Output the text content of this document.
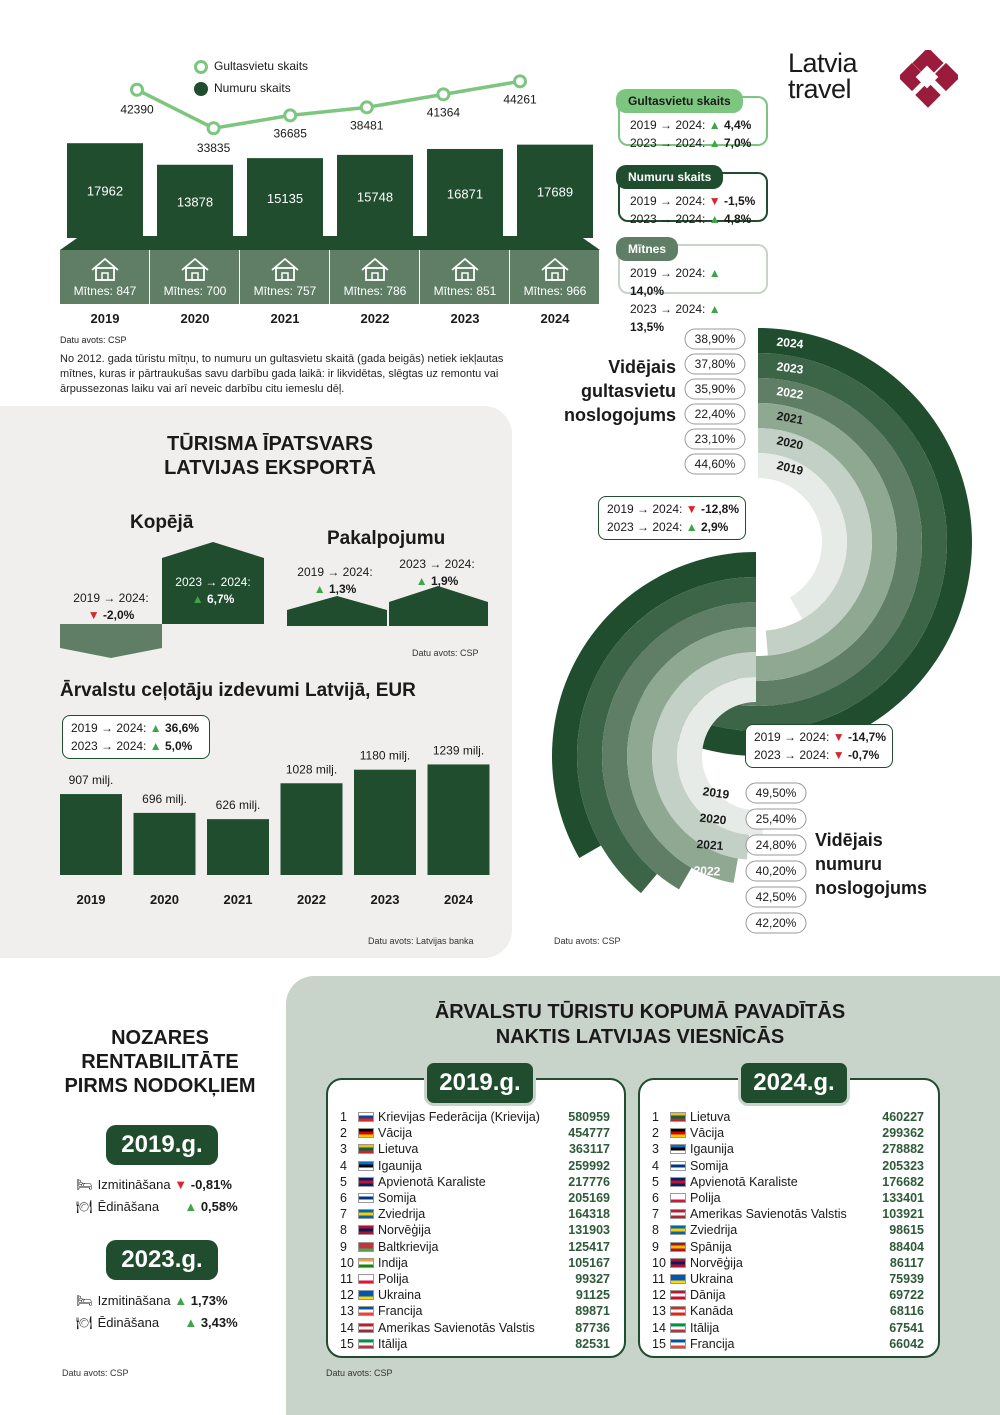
Latvia
travel
Gultasvietu skaits
Numuru skaits
17962
13878	15135	15748	16871	17689
Mītnes: 847
2019
Mītnes: 700
2020
Mītnes: 757
2021
Mītnes: 786
2022
Mītnes: 851
2023
Mītnes: 966
2024
42390
33835
36685
38481
41364
44261
Datu avots: CSP
No 2012. gada tūristu mītņu, to numuru un gultasvietu skaitā (gada beigās) netiek iekļautas mītnes, kuras ir pārtraukušas savu darbību gada laikā: ir likvidētas, slēgtas uz remontu vai ārpussezonas laiku vai arī neveic darbību citu iemeslu dēļ.
Gultasvietu skaits
2019 → 2024: ▲ 4,4%
2023 → 2024: ▲ 7,0%
Numuru skaits
2019 → 2024: ▼ -1,5%
2023 → 2024: ▲ 4,8%
Mītnes
2019 → 2024: ▲ 14,0%
2023 → 2024: ▲ 13,5%
TŪRISMA ĪPATSVARS
LATVIJAS EKSPORTĀ
Kopējā
Pakalpojumu
2019 → 2024:
▼ -2,0%
2023 → 2024:
▲ 6,7%
2019 → 2024:
▲ 1,3%
2023 → 2024:
▲ 1,9%
Datu avots: CSP
Ārvalstu ceļotāju izdevumi Latvijā, EUR
2019 → 2024: ▲ 36,6%
2023 → 2024: ▲ 5,0%
907 milj.
2019
696 milj.
2020
626 milj.
2021
1028 milj.
2022
1180 milj.
2023
1239 milj.
2024
Datu avots: Latvijas banka
2024
38,90%
2023
37,80%
2022
35,90%
2021
22,40%
2020
23,10%
2019
44,60%
2019 49,50%
2020 25,40%
2021	24,80%
2022	40,20%
2023	42,50%
2024	42,20%
Vidējais
gultasvietu
noslogojums
2019 → 2024: ▼ -12,8%
2023 → 2024: ▲ 2,9%
2019 → 2024: ▼ -14,7%
2023 → 2024: ▼ -0,7%
Vidējais
numuru
noslogojums
Datu avots: CSP
NOZARES
RENTABILITĀTE
PIRMS NODOKĻIEM
2019.g.
🛏 Izmitināšana ▼ -0,81%
🍽 Ēdināšana ▲ 0,58%
2023.g.
🛏 Izmitināšana ▲ 1,73%
🍽 Ēdināšana ▲ 3,43%
Datu avots: CSP
ĀRVALSTU TŪRISTU KOPUMĀ PAVADĪTĀS
NAKTIS LATVIJAS VIESNĪCĀS
1	Krievijas Federācija (Krievija) 580959
2	Vācija	454777
3	Lietuva	363117
4	Igaunija	259992
5	Apvienotā Karaliste	217776
6	Somija	205169
7	Zviedrija	164318
8	Norvēģija	131903
9	Baltkrievija	125417
10	Indija	105167
11	Polija	99327
12	Ukraina	91125
13	Francija	89871
14	Amerikas Savienotās Valstis	87736
15	Itālija	82531
1	Lietuva	460227
2	Vācija	299362
3	Igaunija	278882
4	Somija	205323
5	Apvienotā Karaliste	176682
6	Polija	133401
7	Amerikas Savienotās Valstis	103921
8	Zviedrija	98615
9	Spānija	88404
10	Norvēģija	86117
11	Ukraina	75939
12	Dānija	69722
13	Kanāda	68116
14	Itālija	67541
15	Francija	66042
2019.g.	2024.g.
Datu avots: CSP
